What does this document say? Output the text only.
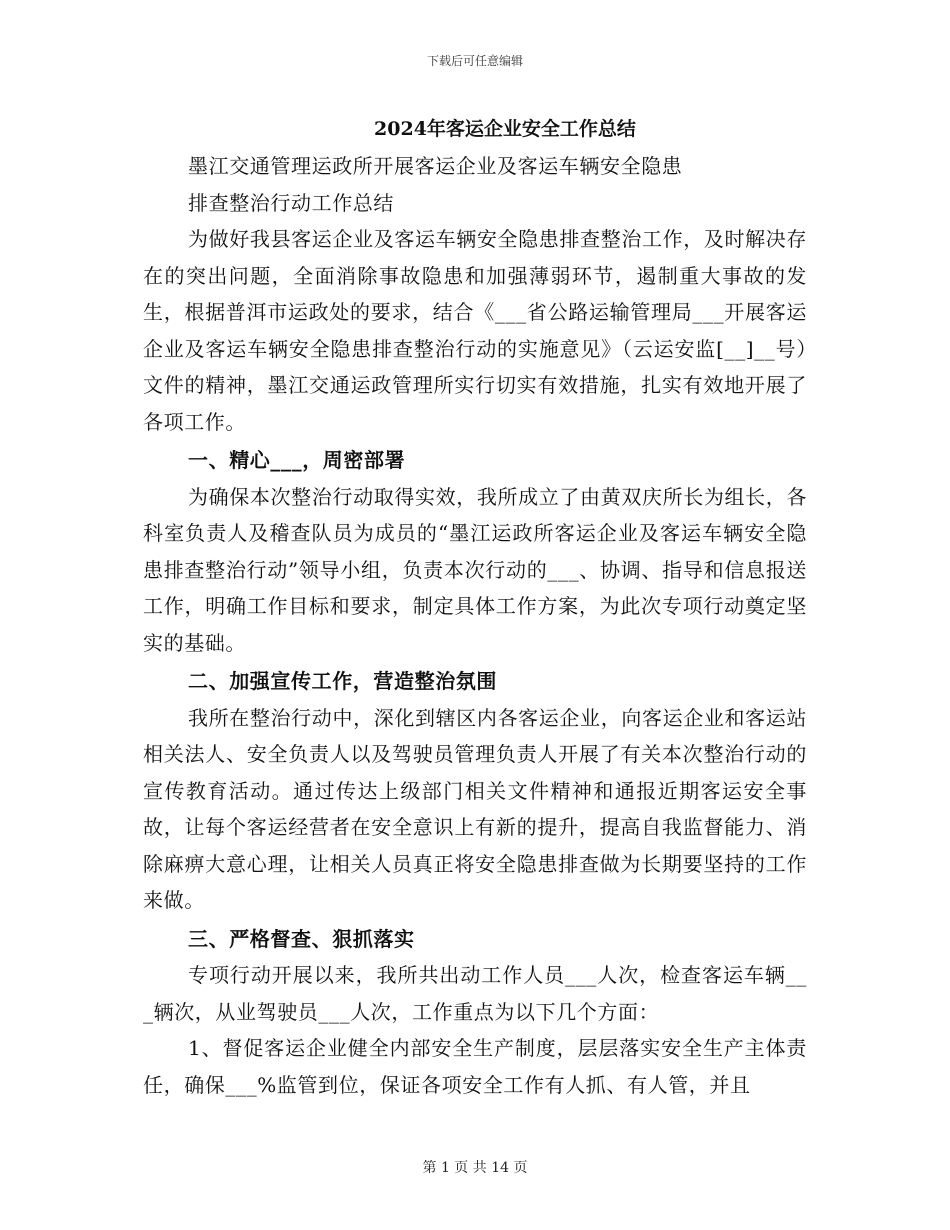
下载后可任意编辑
2024年客运企业安全工作总结

墨江交通管理运政所开展客运企业及客运车辆安全隐患

排查整治行动工作总结

为做好我县客运企业及客运车辆安全隐患排查整治工作，及时解决存在的突出问题，全面消除事故隐患和加强薄弱环节，遏制重大事故的发生，根据普洱市运政处的要求，结合《___省公路运输管理局___开展客运企业及客运车辆安全隐患排查整治行动的实施意见》（云运安监[__]__号）文件的精神，墨江交通运政管理所实行切实有效措施，扎实有效地开展了各项工作。

一、精心___，周密部署

为确保本次整治行动取得实效，我所成立了由黄双庆所长为组长，各科室负责人及稽查队员为成员的“墨江运政所客运企业及客运车辆安全隐患排查整治行动”领导小组，负责本次行动的___、协调、指导和信息报送工作，明确工作目标和要求，制定具体工作方案，为此次专项行动奠定坚实的基础。

二、加强宣传工作，营造整治氛围

我所在整治行动中，深化到辖区内各客运企业，向客运企业和客运站相关法人、安全负责人以及驾驶员管理负责人开展了有关本次整治行动的宣传教育活动。通过传达上级部门相关文件精神和通报近期客运安全事故，让每个客运经营者在安全意识上有新的提升，提高自我监督能力、消除麻痹大意心理，让相关人员真正将安全隐患排查做为长期要坚持的工作来做。

三、严格督查、狠抓落实

专项行动开展以来，我所共出动工作人员___人次，检查客运车辆___辆次，从业驾驶员___人次，工作重点为以下几个方面：

1、督促客运企业健全内部安全生产制度，层层落实安全生产主体责任，确保___%监管到位，保证各项安全工作有人抓、有人管，并且

第 1 页 共 14 页
